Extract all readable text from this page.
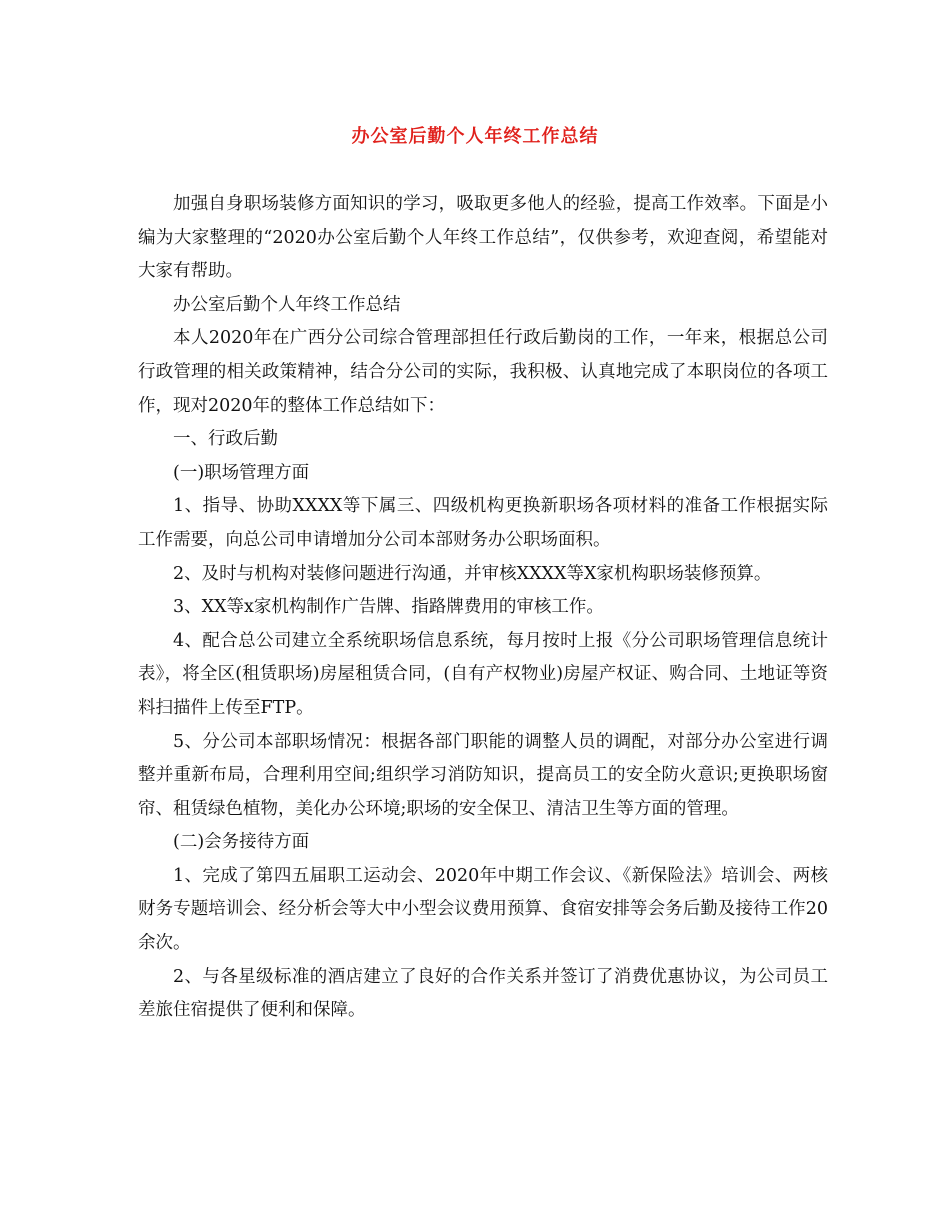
办公室后勤个人年终工作总结

加强自身职场装修方面知识的学习，吸取更多他人的经验，提高工作效率。下面是小编为大家整理的“2020办公室后勤个人年终工作总结”，仅供参考，欢迎查阅，希望能对大家有帮助。

办公室后勤个人年终工作总结

本人2020年在广西分公司综合管理部担任行政后勤岗的工作，一年来，根据总公司行政管理的相关政策精神，结合分公司的实际，我积极、认真地完成了本职岗位的各项工作，现对2020年的整体工作总结如下：

一、行政后勤

(一)职场管理方面

1、指导、协助XXXX等下属三、四级机构更换新职场各项材料的准备工作根据实际工作需要，向总公司申请增加分公司本部财务办公职场面积。

2、及时与机构对装修问题进行沟通，并审核XXXX等X家机构职场装修预算。

3、XX等x家机构制作广告牌、指路牌费用的审核工作。

4、配合总公司建立全系统职场信息系统，每月按时上报《分公司职场管理信息统计表》，将全区(租赁职场)房屋租赁合同，(自有产权物业)房屋产权证、购合同、土地证等资料扫描件上传至FTP。

5、分公司本部职场情况：根据各部门职能的调整人员的调配，对部分办公室进行调整并重新布局，合理利用空间;组织学习消防知识，提高员工的安全防火意识;更换职场窗帘、租赁绿色植物，美化办公环境;职场的安全保卫、清洁卫生等方面的管理。

(二)会务接待方面

1、完成了第四五届职工运动会、2020年中期工作会议、《新保险法》培训会、两核财务专题培训会、经分析会等大中小型会议费用预算、食宿安排等会务后勤及接待工作20余次。

2、与各星级标准的酒店建立了良好的合作关系并签订了消费优惠协议，为公司员工差旅住宿提供了便利和保障。
